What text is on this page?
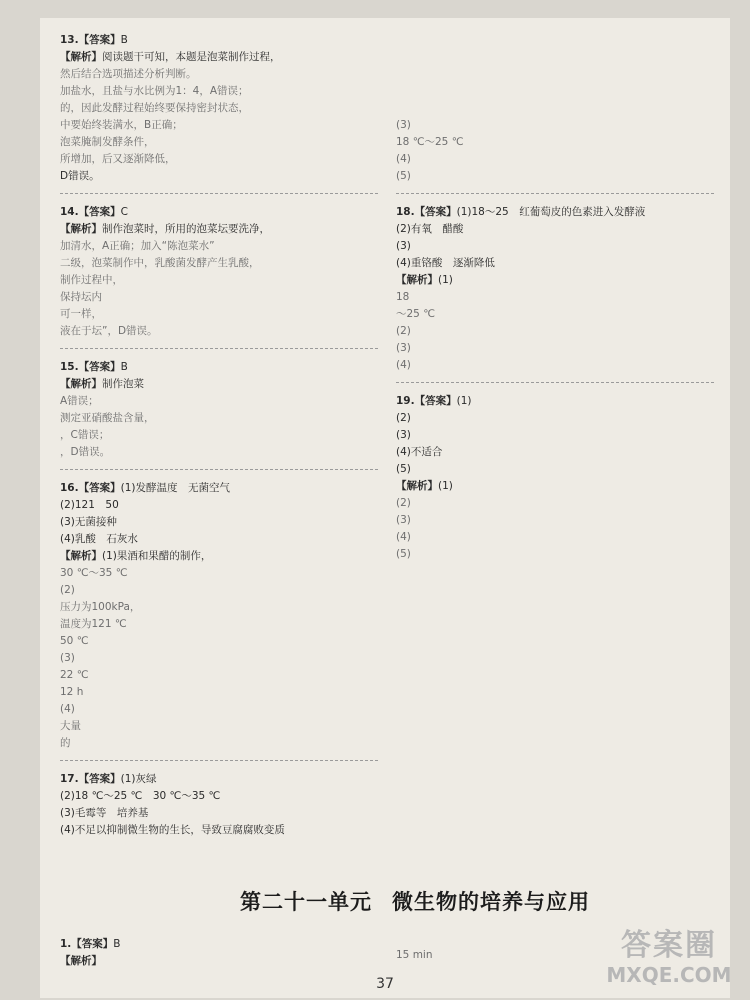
13.【答案】B
【解析】阅读题干可知，本题是泡菜制作过程，
然后结合选项描述分析判断。
加盐水，且盐与水比例为1：4，A错误；
的，因此发酵过程始终要保持密封状态，
中要始终装满水，B正确；
泡菜腌制发酵条件，
所增加，后又逐渐降低，
D错误。
14.【答案】C
【解析】制作泡菜时，所用的泡菜坛要洗净，
加清水，A正确；加入“陈泡菜水”
二级，泡菜制作中，乳酸菌发酵产生乳酸，
制作过程中，
保持坛内
可一样，
液在于坛”，D错误。
15.【答案】B
【解析】制作泡菜
A错误；
测定亚硝酸盐含量，
，C错误；
，D错误。
16.【答案】(1)发酵温度　无菌空气
(2)121　50
(3)无菌接种
(4)乳酸　石灰水
【解析】(1)果酒和果醋的制作，
30 ℃～35 ℃
(2)
压力为100kPa，
温度为121 ℃
50 ℃
(3)
22 ℃
12 h
(4)
大量
的
17.【答案】(1)灰绿
(2)18 ℃～25 ℃　30 ℃～35 ℃
(3)毛霉等　培养基
(4)不足以抑制微生物的生长，导致豆腐腐败变质

(3)
18 ℃～25 ℃
(4)
(5)
18.【答案】(1)18～25　红葡萄皮的色素进入发酵液
(2)有氧　醋酸
(3)
(4)重铬酸　逐渐降低
【解析】(1)
18
～25 ℃
(2)
(3)
(4)
19.【答案】(1)
(2)
(3)
(4)不适合
(5)
【解析】(1)
(2)
(3)
(4)
(5)
第二十一单元 微生物的培养与应用
1.【答案】B
【解析】
	15 min
37
答案圈
MXQE.COM
